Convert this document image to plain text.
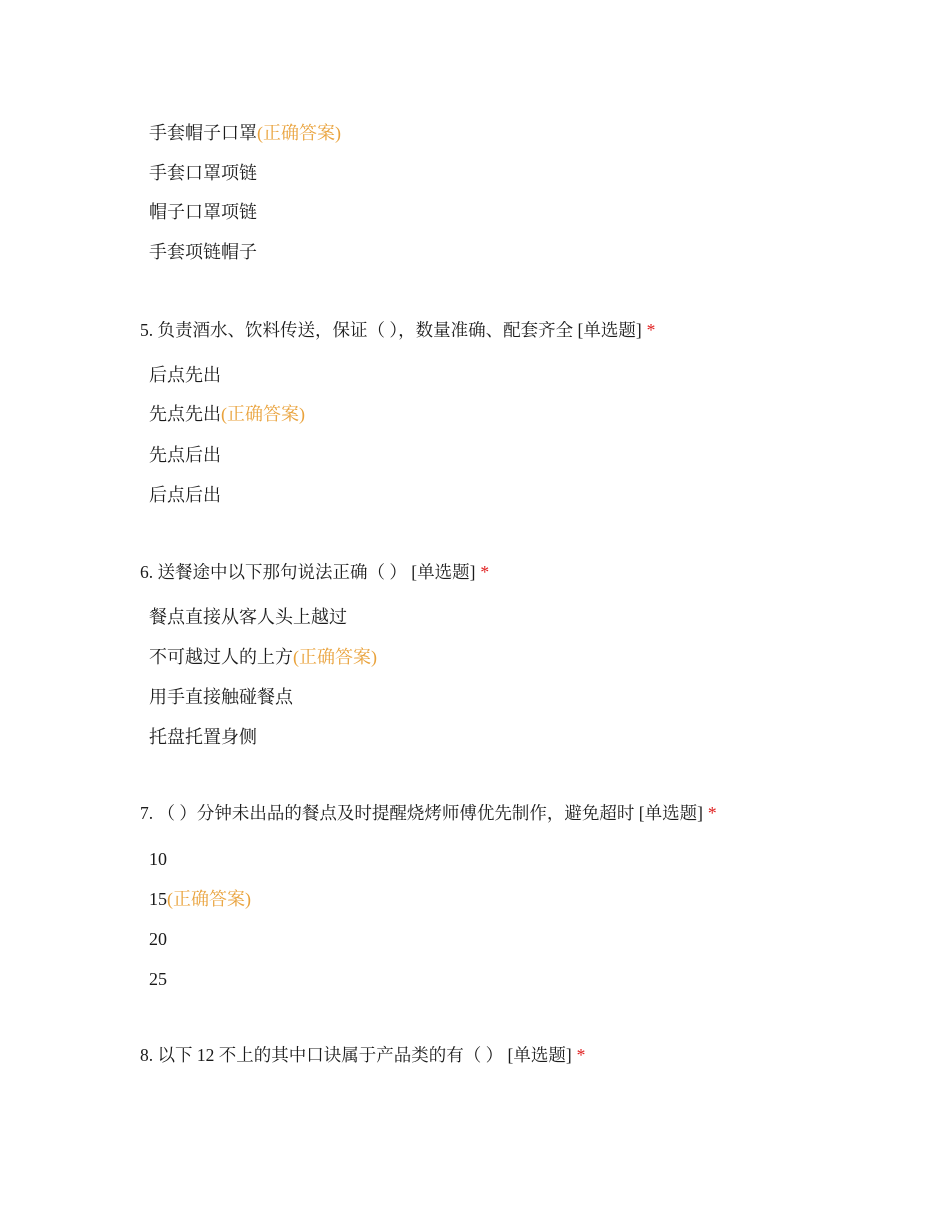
手套帽子口罩(正确答案)
手套口罩项链
帽子口罩项链
手套项链帽子
5. 负责酒水、饮料传送，保证（ ），数量准确、配套齐全 [单选题] *
后点先出
先点先出(正确答案)
先点后出
后点后出
6. 送餐途中以下那句说法正确（ ） [单选题] *
餐点直接从客人头上越过
不可越过人的上方(正确答案)
用手直接触碰餐点
托盘托置身侧
7. （ ）分钟未出品的餐点及时提醒烧烤师傅优先制作，避免超时 [单选题] *
10
15(正确答案)
20
25
8. 以下 12 不上的其中口诀属于产品类的有（ ） [单选题] *
